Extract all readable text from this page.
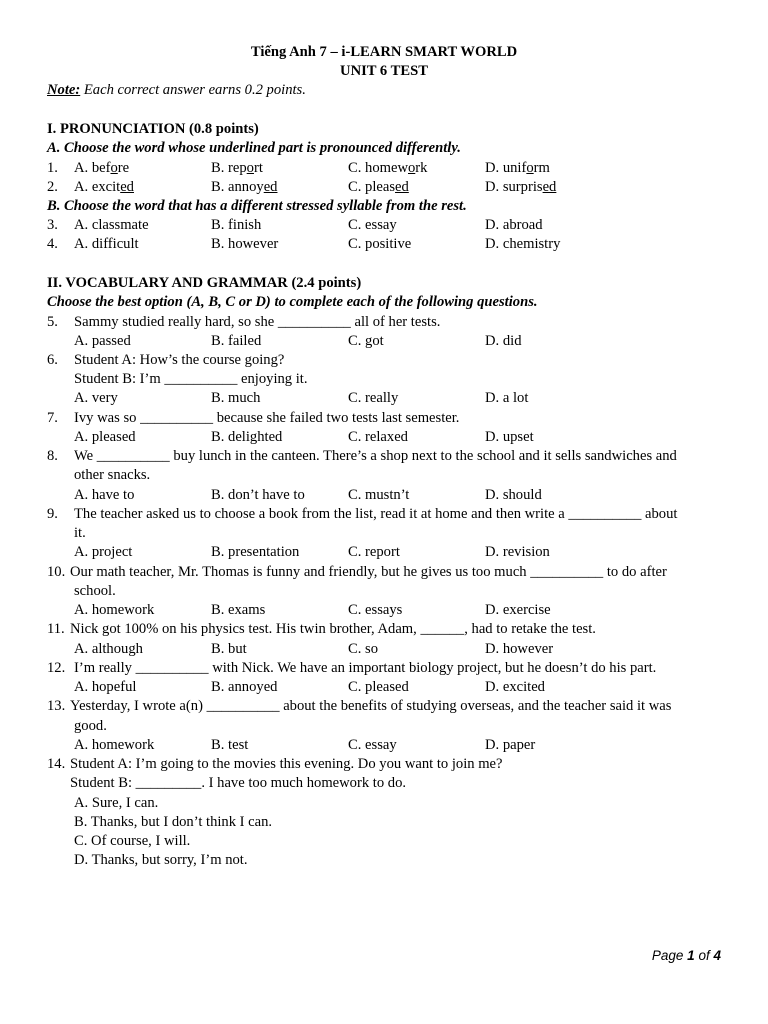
Tiếng Anh 7 – i-LEARN SMART WORLD
UNIT 6 TEST
Note: Each correct answer earns 0.2 points.
I. PRONUNCIATION (0.8 points)
A. Choose the word whose underlined part is pronounced differently.
1. A. before	B. report	C. homework	D. uniform
2. A. excited	B. annoyed	C. pleased	D. surprised
B. Choose the word that has a different stressed syllable from the rest.
3. A. classmate	B. finish	C. essay	D. abroad
4. A. difficult	B. however	C. positive	D. chemistry
II. VOCABULARY AND GRAMMAR (2.4 points)
Choose the best option (A, B, C or D) to complete each of the following questions.
5. Sammy studied really hard, so she __________ all of her tests.
A. passed	B. failed	C. got	D. did
6. Student A: How’s the course going?
Student B: I’m __________ enjoying it.
A. very	B. much	C. really	D. a lot
7. Ivy was so __________ because she failed two tests last semester.
A. pleased	B. delighted	C. relaxed	D. upset
8. We __________ buy lunch in the canteen. There’s a shop next to the school and it sells sandwiches and
other snacks.
A. have to	B. don’t have to	C. mustn’t	D. should
9. The teacher asked us to choose a book from the list, read it at home and then write a __________ about
it.
A. project	B. presentation	C. report	D. revision
10. Our math teacher, Mr. Thomas is funny and friendly, but he gives us too much __________ to do after
school.
A. homework	B. exams	C. essays	D. exercise
11. Nick got 100% on his physics test. His twin brother, Adam, ______, had to retake the test.
A. although	B. but	C. so	D. however
12. I’m really __________ with Nick. We have an important biology project, but he doesn’t do his part.
A. hopeful	B. annoyed	C. pleased	D. excited
13. Yesterday, I wrote a(n) __________ about the benefits of studying overseas, and the teacher said it was
good.
A. homework	B. test	C. essay	D. paper
14. Student A: I’m going to the movies this evening. Do you want to join me?
Student B: _________. I have too much homework to do.
A. Sure, I can.
B. Thanks, but I don’t think I can.
C. Of course, I will.
D. Thanks, but sorry, I’m not.
Page 1 of 4
